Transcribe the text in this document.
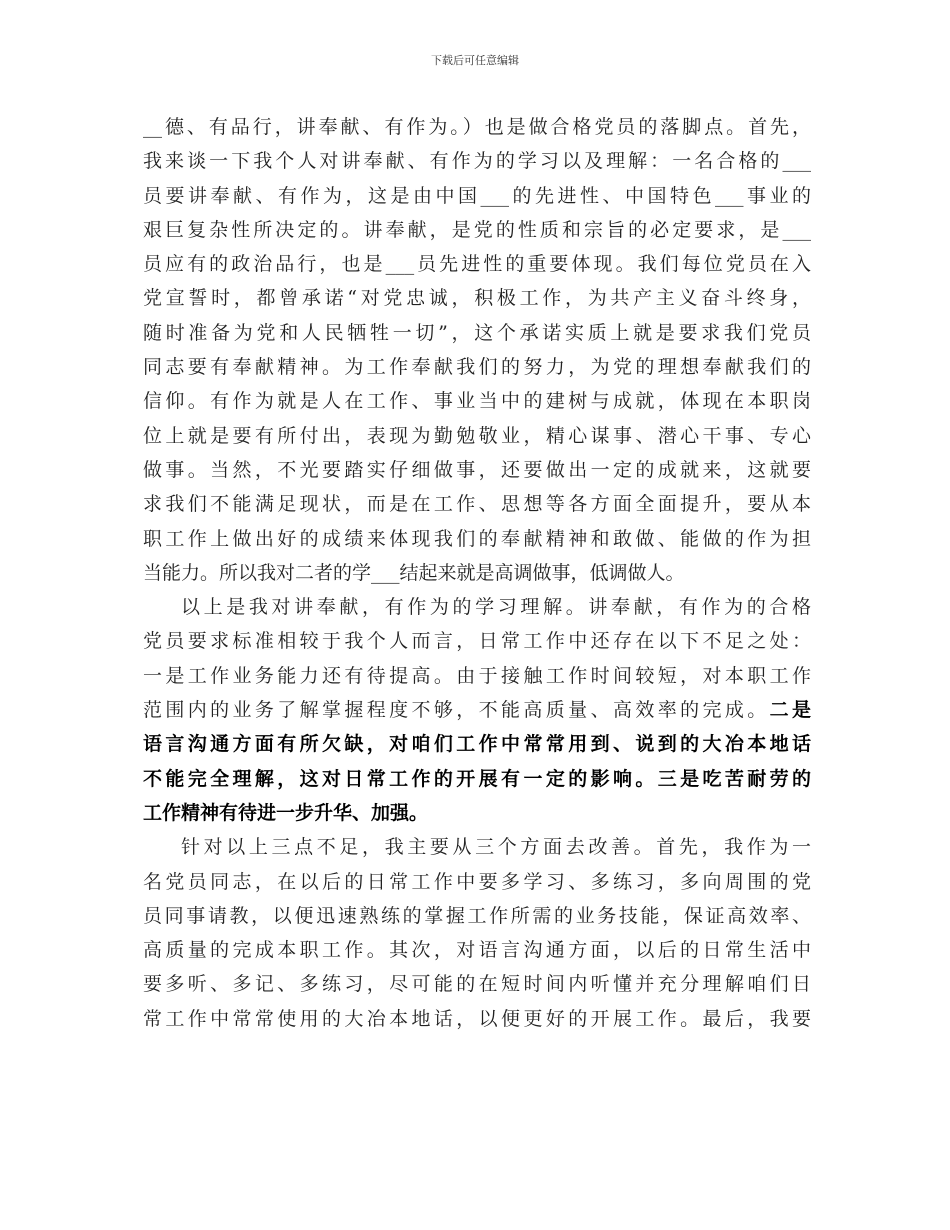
下载后可任意编辑
__德、有品行，讲奉献、有作为。）也是做合格党员的落脚点。首先，
我来谈一下我个人对讲奉献、有作为的学习以及理解：一名合格的___
员要讲奉献、有作为，这是由中国___的先进性、中国特色___事业的
艰巨复杂性所决定的。讲奉献，是党的性质和宗旨的必定要求，是___
员应有的政治品行，也是___员先进性的重要体现。我们每位党员在入
党宣誓时，都曾承诺“对党忠诚，积极工作，为共产主义奋斗终身，
随时准备为党和人民牺牲一切”，这个承诺实质上就是要求我们党员
同志要有奉献精神。为工作奉献我们的努力，为党的理想奉献我们的
信仰。有作为就是人在工作、事业当中的建树与成就，体现在本职岗
位上就是要有所付出，表现为勤勉敬业，精心谋事、潜心干事、专心
做事。当然，不光要踏实仔细做事，还要做出一定的成就来，这就要
求我们不能满足现状，而是在工作、思想等各方面全面提升，要从本
职工作上做出好的成绩来体现我们的奉献精神和敢做、能做的作为担
当能力。所以我对二者的学___结起来就是高调做事，低调做人。
以上是我对讲奉献，有作为的学习理解。讲奉献，有作为的合格
党员要求标准相较于我个人而言，日常工作中还存在以下不足之处：
一是工作业务能力还有待提高。由于接触工作时间较短，对本职工作
范围内的业务了解掌握程度不够，不能高质量、高效率的完成。二是
语言沟通方面有所欠缺，对咱们工作中常常用到、说到的大冶本地话
不能完全理解，这对日常工作的开展有一定的影响。三是吃苦耐劳的
工作精神有待进一步升华、加强。
针对以上三点不足，我主要从三个方面去改善。首先，我作为一
名党员同志，在以后的日常工作中要多学习、多练习，多向周围的党
员同事请教，以便迅速熟练的掌握工作所需的业务技能，保证高效率、
高质量的完成本职工作。其次，对语言沟通方面，以后的日常生活中
要多听、多记、多练习，尽可能的在短时间内听懂并充分理解咱们日
常工作中常常使用的大冶本地话，以便更好的开展工作。最后，我要
